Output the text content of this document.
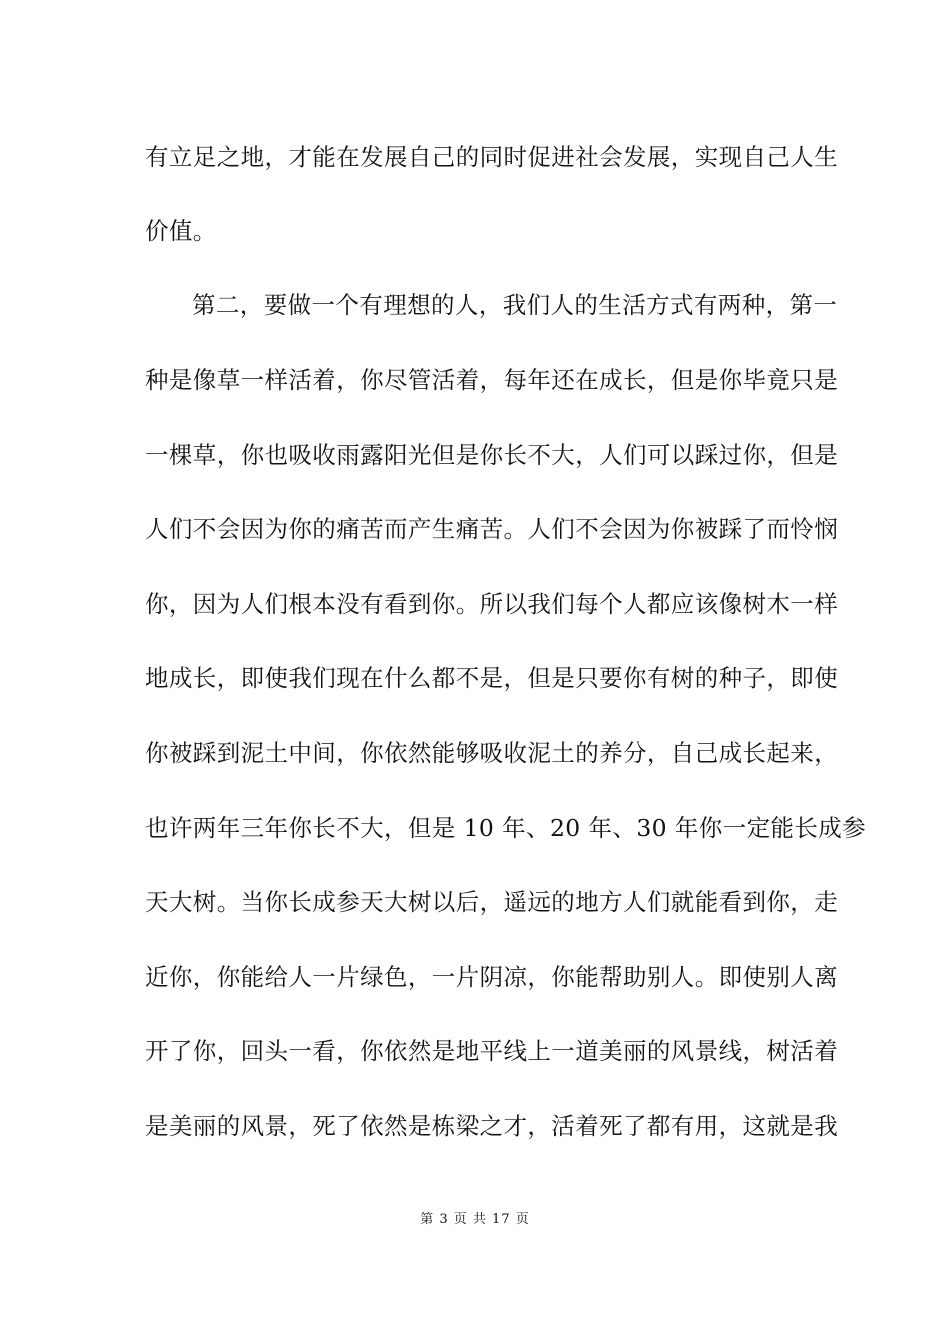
有立足之地，才能在发展自己的同时促进社会发展，实现自己人生
价值。
第二，要做一个有理想的人，我们人的生活方式有两种，第一
种是像草一样活着，你尽管活着，每年还在成长，但是你毕竟只是
一棵草，你也吸收雨露阳光但是你长不大，人们可以踩过你，但是
人们不会因为你的痛苦而产生痛苦。人们不会因为你被踩了而怜悯
你，因为人们根本没有看到你。所以我们每个人都应该像树木一样
地成长，即使我们现在什么都不是，但是只要你有树的种子，即使
你被踩到泥土中间，你依然能够吸收泥土的养分，自己成长起来，
也许两年三年你长不大，但是 10 年、20 年、30 年你一定能长成参
天大树。当你长成参天大树以后，遥远的地方人们就能看到你，走
近你，你能给人一片绿色，一片阴凉，你能帮助别人。即使别人离
开了你，回头一看，你依然是地平线上一道美丽的风景线，树活着
是美丽的风景，死了依然是栋梁之才，活着死了都有用，这就是我
第 3 页 共 17 页
